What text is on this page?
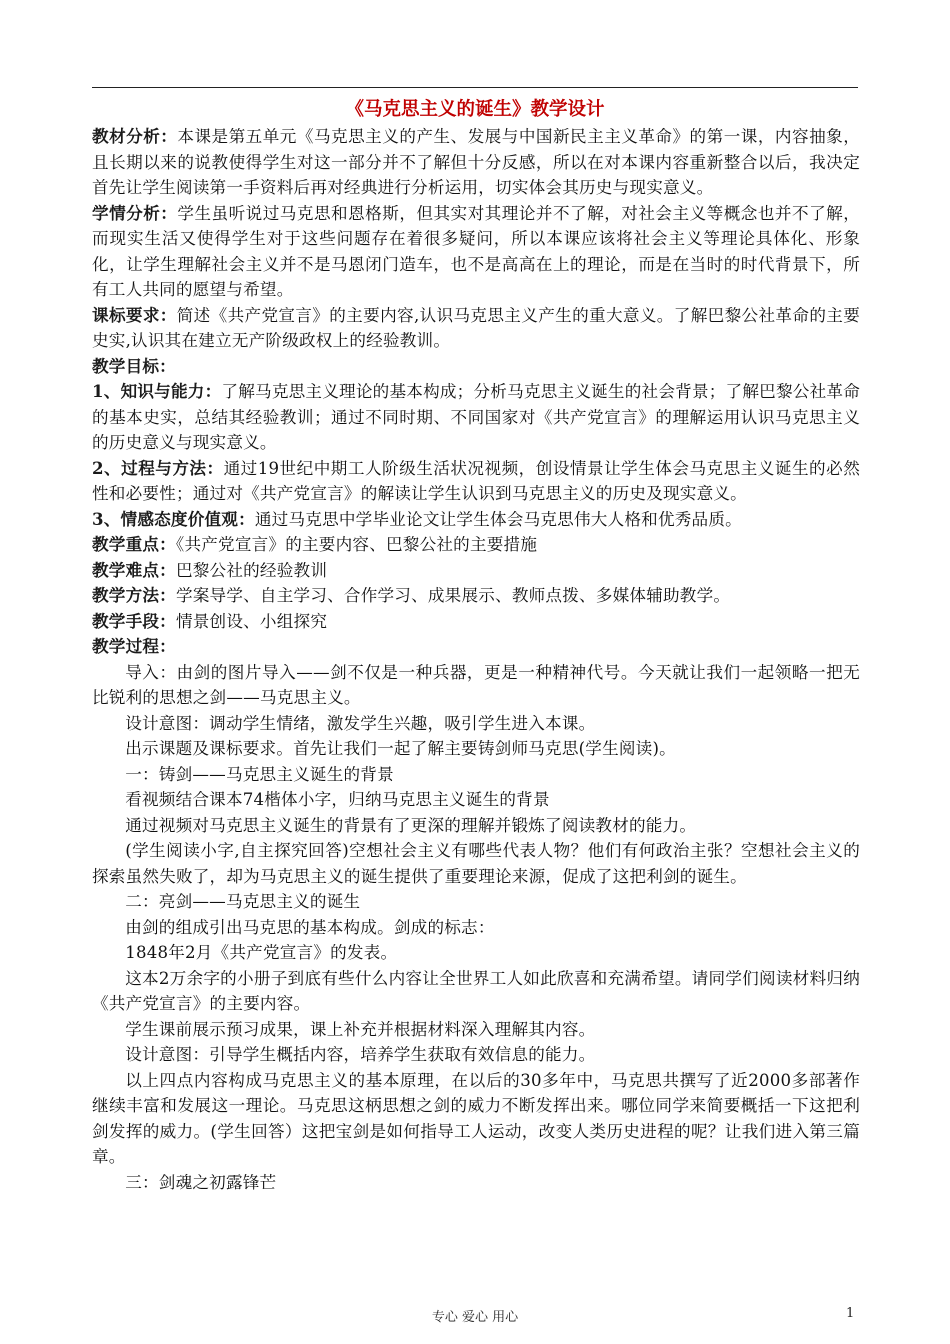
《马克思主义的诞生》教学设计

教材分析：本课是第五单元《马克思主义的产生、发展与中国新民主主义革命》的第一课，内容抽象，且长期以来的说教使得学生对这一部分并不了解但十分反感，所以在对本课内容重新整合以后，我决定首先让学生阅读第一手资料后再对经典进行分析运用，切实体会其历史与现实意义。

学情分析：学生虽听说过马克思和恩格斯，但其实对其理论并不了解，对社会主义等概念也并不了解，而现实生活又使得学生对于这些问题存在着很多疑问，所以本课应该将社会主义等理论具体化、形象化，让学生理解社会主义并不是马恩闭门造车，也不是高高在上的理论，而是在当时的时代背景下，所有工人共同的愿望与希望。

课标要求：简述《共产党宣言》的主要内容,认识马克思主义产生的重大意义。了解巴黎公社革命的主要史实,认识其在建立无产阶级政权上的经验教训。

教学目标：

1、知识与能力：了解马克思主义理论的基本构成；分析马克思主义诞生的社会背景；了解巴黎公社革命的基本史实，总结其经验教训；通过不同时期、不同国家对《共产党宣言》的理解运用认识马克思主义的历史意义与现实意义。

2、过程与方法：通过19世纪中期工人阶级生活状况视频，创设情景让学生体会马克思主义诞生的必然性和必要性；通过对《共产党宣言》的解读让学生认识到马克思主义的历史及现实意义。

3、情感态度价值观：通过马克思中学毕业论文让学生体会马克思伟大人格和优秀品质。

教学重点：《共产党宣言》的主要内容、巴黎公社的主要措施

教学难点：巴黎公社的经验教训

教学方法：学案导学、自主学习、合作学习、成果展示、教师点拨、多媒体辅助教学。

教学手段：情景创设、小组探究

教学过程：

导入：由剑的图片导入——剑不仅是一种兵器，更是一种精神代号。今天就让我们一起领略一把无比锐利的思想之剑——马克思主义。

设计意图：调动学生情绪，激发学生兴趣，吸引学生进入本课。

出示课题及课标要求。首先让我们一起了解主要铸剑师马克思(学生阅读)。

一：铸剑——马克思主义诞生的背景

看视频结合课本74楷体小字，归纳马克思主义诞生的背景

通过视频对马克思主义诞生的背景有了更深的理解并锻炼了阅读教材的能力。

(学生阅读小字,自主探究回答)空想社会主义有哪些代表人物？他们有何政治主张？空想社会主义的探索虽然失败了，却为马克思主义的诞生提供了重要理论来源，促成了这把利剑的诞生。

二：亮剑——马克思主义的诞生

由剑的组成引出马克思的基本构成。剑成的标志：

1848年2月《共产党宣言》的发表。

这本2万余字的小册子到底有些什么内容让全世界工人如此欣喜和充满希望。请同学们阅读材料归纳《共产党宣言》的主要内容。

学生课前展示预习成果，课上补充并根据材料深入理解其内容。

设计意图：引导学生概括内容，培养学生获取有效信息的能力。

以上四点内容构成马克思主义的基本原理，在以后的30多年中，马克思共撰写了近2000多部著作继续丰富和发展这一理论。马克思这柄思想之剑的威力不断发挥出来。哪位同学来简要概括一下这把利剑发挥的威力。(学生回答）这把宝剑是如何指导工人运动，改变人类历史进程的呢？让我们进入第三篇章。

三：剑魂之初露锋芒

专心 爱心 用心	1
